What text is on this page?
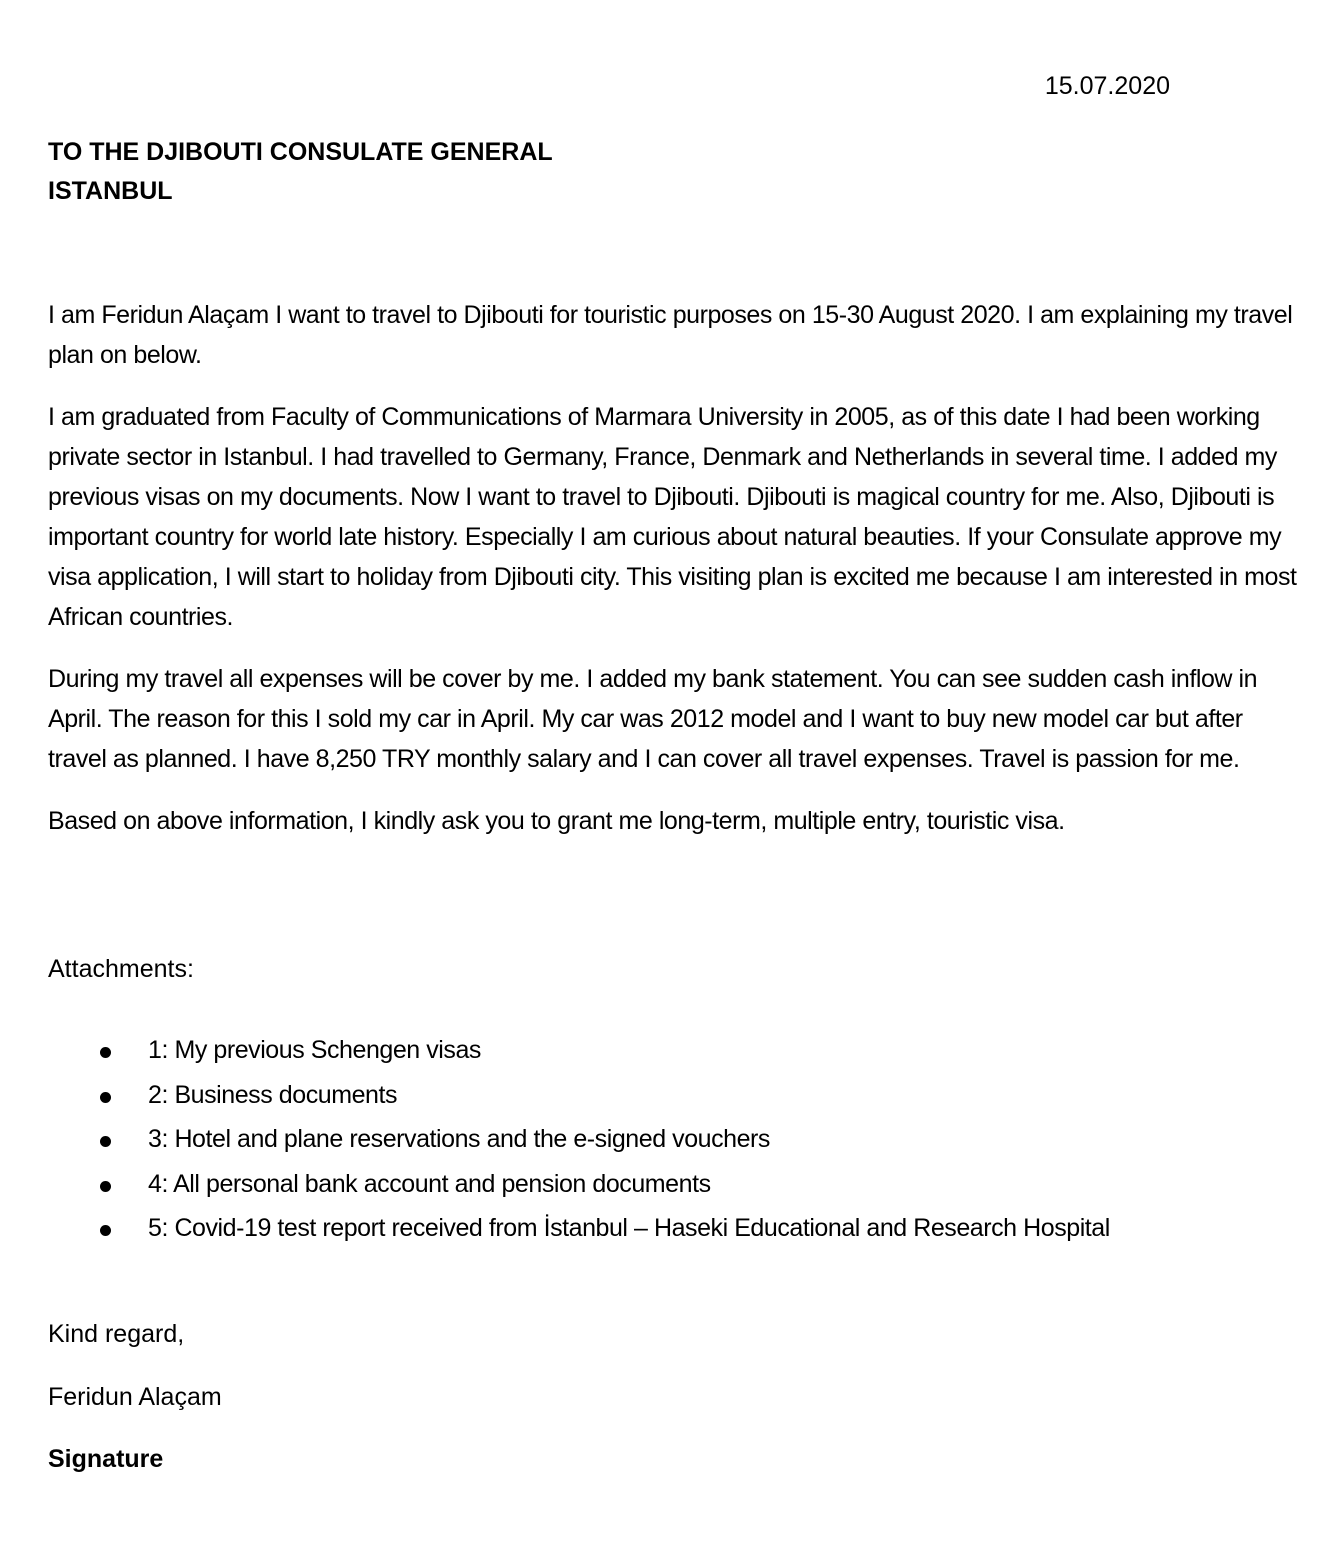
15.07.2020
TO THE DJIBOUTI CONSULATE GENERAL
ISTANBUL

I am Feridun Alaçam I want to travel to Djibouti for touristic purposes on 15-30 August 2020. I am explaining my travel plan on below.

I am graduated from Faculty of Communications of Marmara University in 2005, as of this date I had been working private sector in Istanbul. I had travelled to Germany, France, Denmark and Netherlands in several time. I added my previous visas on my documents. Now I want to travel to Djibouti. Djibouti is magical country for me. Also, Djibouti is important country for world late history. Especially I am curious about natural beauties. If your Consulate approve my visa application, I will start to holiday from Djibouti city. This visiting plan is excited me because I am interested in most African countries.

During my travel all expenses will be cover by me. I added my bank statement. You can see sudden cash inflow in April. The reason for this I sold my car in April. My car was 2012 model and I want to buy new model car but after travel as planned. I have 8,250 TRY monthly salary and I can cover all travel expenses. Travel is passion for me.

Based on above information, I kindly ask you to grant me long-term, multiple entry, touristic visa.

Attachments:
1: My previous Schengen visas
2: Business documents
3: Hotel and plane reservations and the e-signed vouchers
4: All personal bank account and pension documents
5: Covid-19 test report received from İstanbul – Haseki Educational and Research Hospital
Kind regard,
Feridun Alaçam
Signature
